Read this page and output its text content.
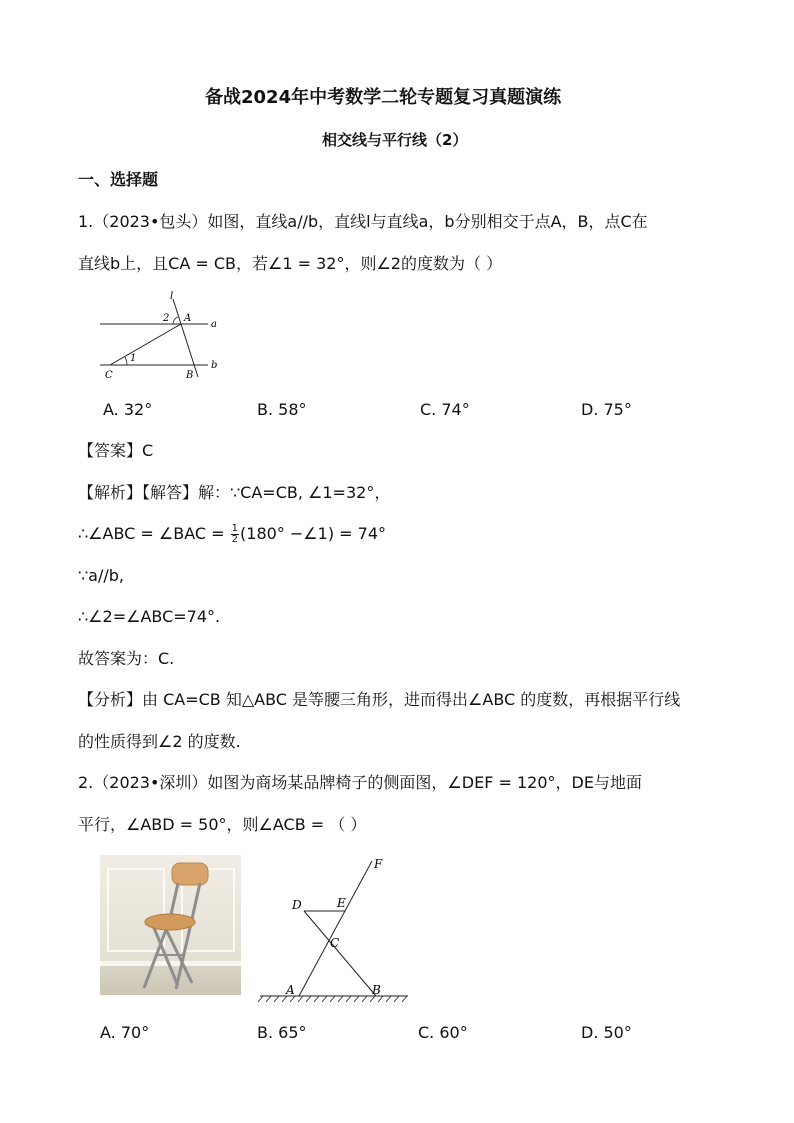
备战2024年中考数学二轮专题复习真题演练
相交线与平行线（2）
一、选择题
1.（2023•包头）如图，直线a//b，直线l与直线a，b分别相交于点A，B，点C在
直线b上，且CA = CB，若∠1 = 32°，则∠2的度数为（ ）
l
2 A
a
1
C	B
b
A. 32°	B. 58°	C. 74°	D. 75°
【答案】C
【解析】【解答】解：∵CA=CB, ∠1=32°，
∴∠ABC = ∠BAC = $\frac{1}{2} (180^\circ$ −∠1) = 74°
∵a//b,
∴∠2=∠ABC=74°.
故答案为：C.
【分析】由 CA=CB 知△ABC 是等腰三角形，进而得出∠ABC 的度数，再根据平行线
的性质得到∠2 的度数.
2.（2023•深圳）如图为商场某品牌椅子的侧面图，∠DEF = 120°，DE与地面
平行，∠ABD = 50°，则∠ACB = （ ）
F
D	E
C
A	B
A. 70°	B. 65°	C. 60°	D. 50°
